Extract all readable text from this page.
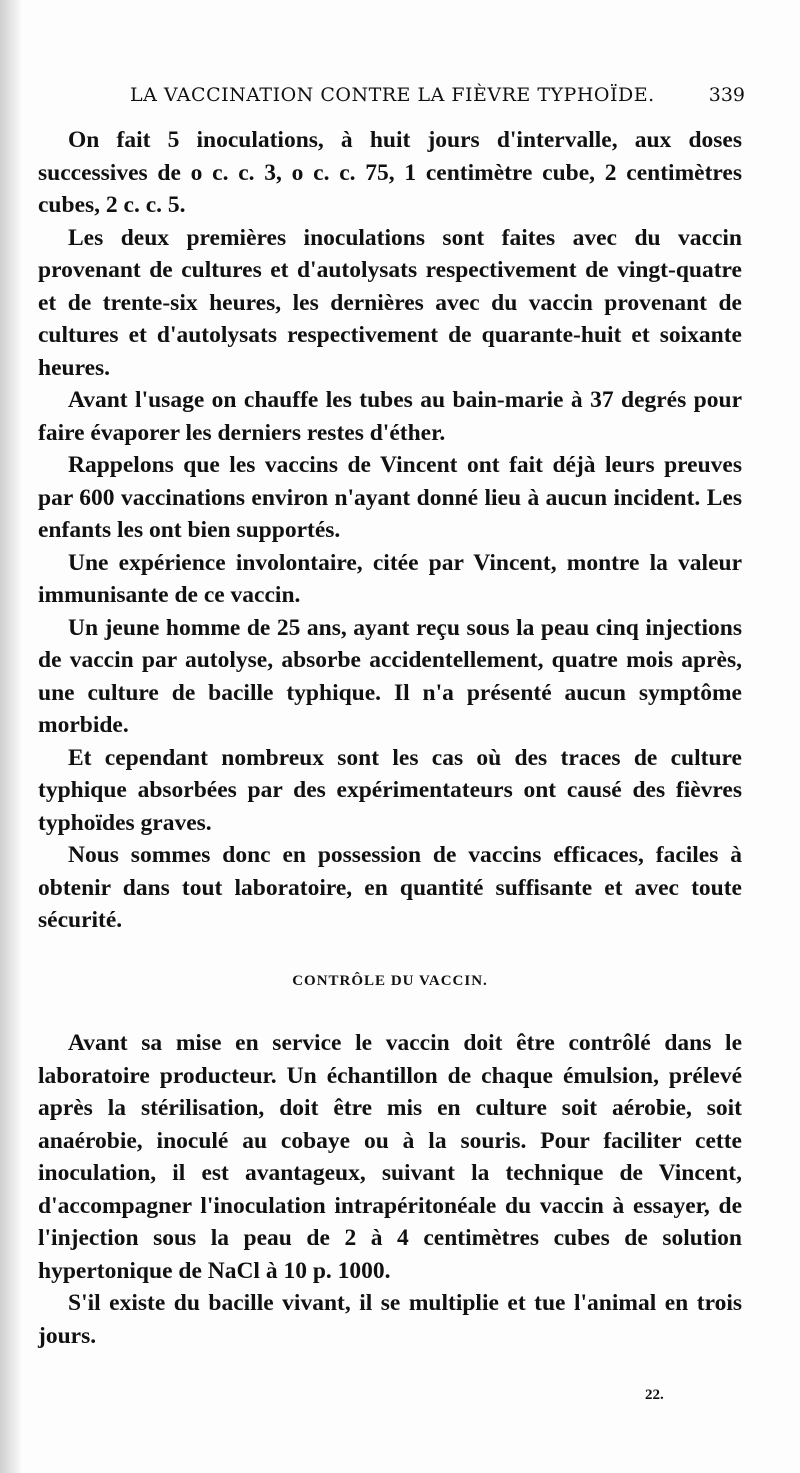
LA VACCINATION CONTRE LA FIÈVRE TYPHOÏDE.	339

On fait 5 inoculations, à huit jours d'intervalle, aux doses successives de o c. c. 3, o c. c. 75, 1 centimètre cube, 2 centimètres cubes, 2 c. c. 5.

Les deux premières inoculations sont faites avec du vaccin provenant de cultures et d'autolysats respectivement de vingt-quatre et de trente-six heures, les dernières avec du vaccin provenant de cultures et d'autolysats respectivement de quarante-huit et soixante heures.

Avant l'usage on chauffe les tubes au bain-marie à 37 degrés pour faire évaporer les derniers restes d'éther.

Rappelons que les vaccins de Vincent ont fait déjà leurs preuves par 600 vaccinations environ n'ayant donné lieu à aucun incident. Les enfants les ont bien supportés.

Une expérience involontaire, citée par Vincent, montre la valeur immunisante de ce vaccin.

Un jeune homme de 25 ans, ayant reçu sous la peau cinq injections de vaccin par autolyse, absorbe accidentellement, quatre mois après, une culture de bacille typhique. Il n'a présenté aucun symptôme morbide.

Et cependant nombreux sont les cas où des traces de culture typhique absorbées par des expérimentateurs ont causé des fièvres typhoïdes graves.

Nous sommes donc en possession de vaccins efficaces, faciles à obtenir dans tout laboratoire, en quantité suffisante et avec toute sécurité.

CONTRÔLE DU VACCIN.

Avant sa mise en service le vaccin doit être contrôlé dans le laboratoire producteur. Un échantillon de chaque émulsion, prélevé après la stérilisation, doit être mis en culture soit aérobie, soit anaérobie, inoculé au cobaye ou à la souris. Pour faciliter cette inoculation, il est avantageux, suivant la technique de Vincent, d'accompagner l'inoculation intrapéritonéale du vaccin à essayer, de l'injection sous la peau de 2 à 4 centimètres cubes de solution hypertonique de NaCl à 10 p. 1000.

S'il existe du bacille vivant, il se multiplie et tue l'animal en trois jours.

22.
